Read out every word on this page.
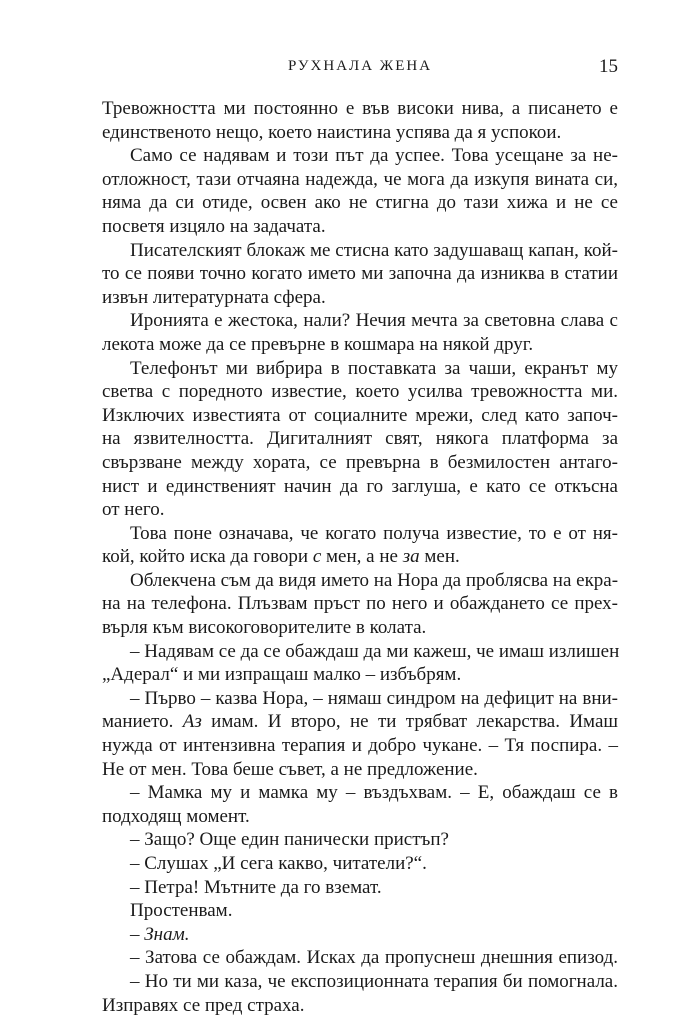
РУХНАЛА ЖЕНА	15
Тревожността ми постоянно е във високи нива, а писането е
единственото нещо, което наистина успява да я успокои.
Само се надявам и този път да успее. Това усещане за не-
отложност, тази отчаяна надежда, че мога да изкупя вината си,
няма да си отиде, освен ако не стигна до тази хижа и не се
посветя изцяло на задачата.
Писателският блокаж ме стисна като задушаващ капан, кой-
то се появи точно когато името ми започна да изниква в статии
извън литературната сфера.
Иронията е жестока, нали? Нечия мечта за световна слава с
лекота може да се превърне в кошмара на някой друг.
Телефонът ми вибрира в поставката за чаши, екранът му
светва с поредното известие, което усилва тревожността ми.
Изключих известията от социалните мрежи, след като започ-
на язвителността. Дигиталният свят, някога платформа за
свързване между хората, се превърна в безмилостен антаго-
нист и единственият начин да го заглуша, е като се откъсна
от него.
Това поне означава, че когато получа известие, то е от ня-
кой, който иска да говори с мен, а не за мен.
Облекчена съм да видя името на Нора да проблясва на екра-
на на телефона. Плъзвам пръст по него и обаждането се прех-
върля към високоговорителите в колата.
– Надявам се да се обаждаш да ми кажеш, че имаш излишен
„Адерал“ и ми изпращаш малко – избъбрям.
– Първо – казва Нора, – нямаш синдром на дефицит на вни-
манието. Аз имам. И второ, не ти трябват лекарства. Имаш
нужда от интензивна терапия и добро чукане. – Тя поспира. –
Не от мен. Това беше съвет, а не предложение.
– Мамка му и мамка му – въздъхвам. – Е, обаждаш се в
подходящ момент.
– Защо? Още един панически пристъп?
– Слушах „И сега какво, читатели?“.
– Петра! Мътните да го вземат.
Простенвам.
– Знам.
– Затова се обаждам. Исках да пропуснеш днешния епизод.
– Но ти ми каза, че експозиционната терапия би помогнала.
Изправях се пред страха.
